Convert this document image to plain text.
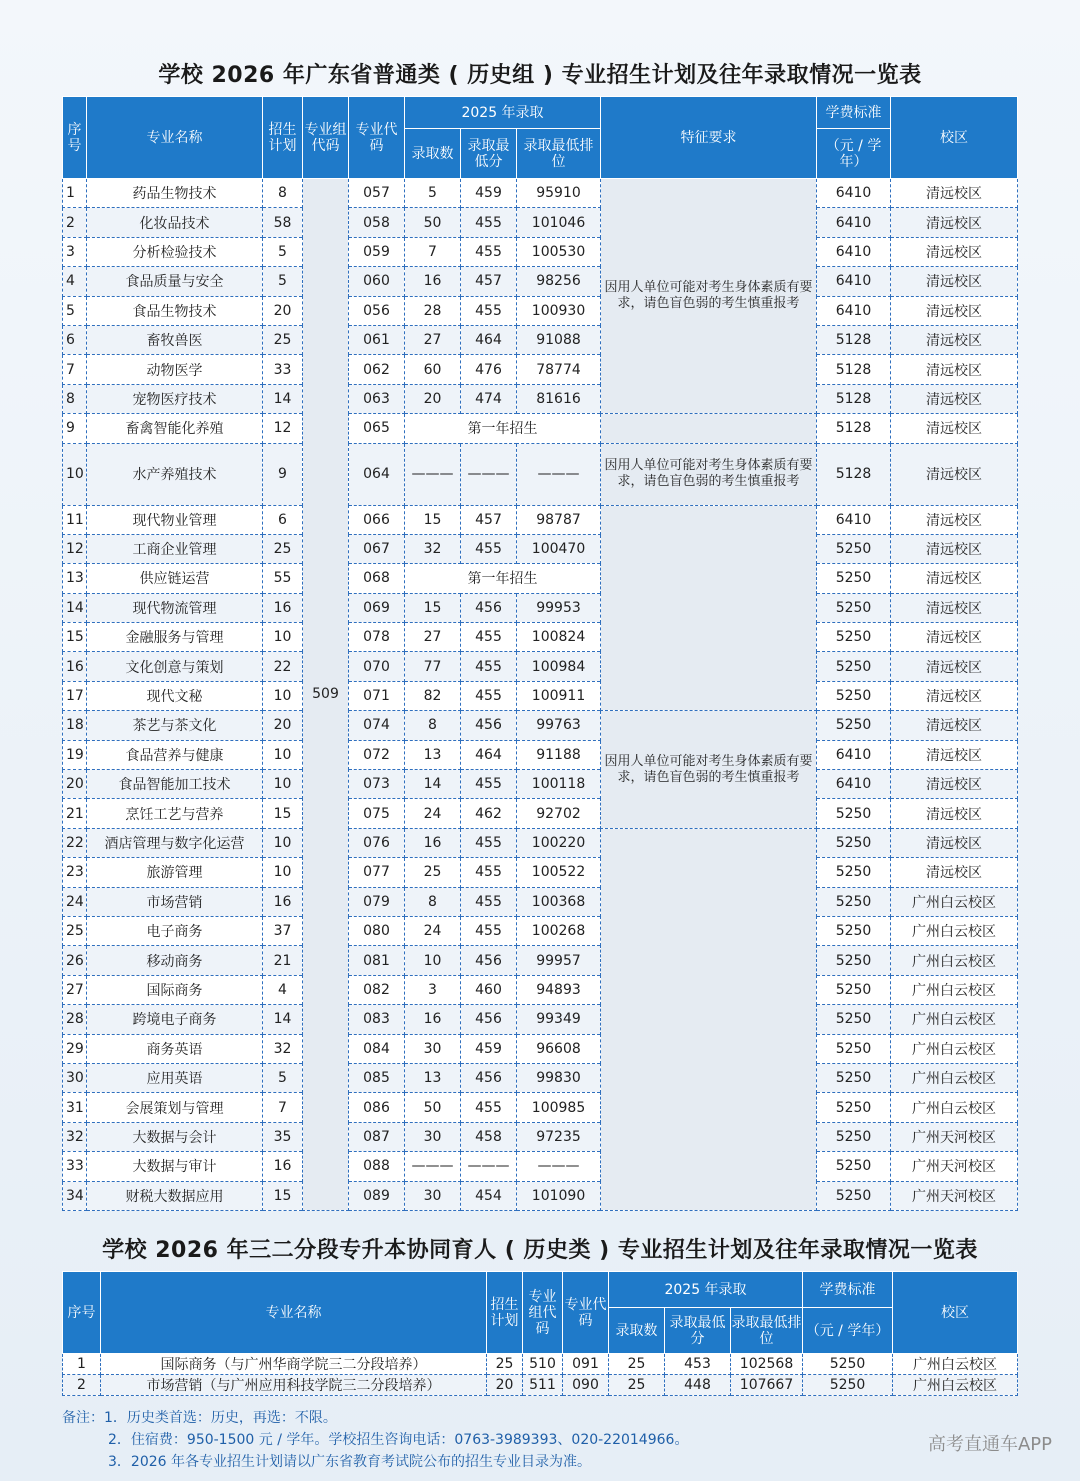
学校 2026 年广东省普通类 ( 历史组 ) 专业招生计划及往年录取情况一览表
序号	专业名称	招生计划	专业组代码	专业代码	2025 年录取			特征要求	学费标准	校区
					录取数	录取最低分	录取最低排位		（元 / 学年）	
1	药品生物技术	8	509	057	5	459	95910	因用人单位可能对考生身体素质有要求，请色盲色弱的考生慎重报考	6410	清远校区
2	化妆品技术	58		058	50	455	101046		6410	清远校区
3	分析检验技术	5		059	7	455	100530		6410	清远校区
4	食品质量与安全	5		060	16	457	98256		6410	清远校区
5	食品生物技术	20		056	28	455	100930		6410	清远校区
6	畜牧兽医	25		061	27	464	91088		5128	清远校区
7	动物医学	33		062	60	476	78774		5128	清远校区
8	宠物医疗技术	14		063	20	474	81616		5128	清远校区
9	畜禽智能化养殖	12		065	第一年招生				5128	清远校区
10	水产养殖技术	9		064	———	———	———	因用人单位可能对考生身体素质有要求，请色盲色弱的考生慎重报考	5128	清远校区
11	现代物业管理	6		066	15	457	98787		6410	清远校区
12	工商企业管理	25		067	32	455	100470		5250	清远校区
13	供应链运营	55		068	第一年招生				5250	清远校区
14	现代物流管理	16		069	15	456	99953		5250	清远校区
15	金融服务与管理	10		078	27	455	100824		5250	清远校区
16	文化创意与策划	22		070	77	455	100984		5250	清远校区
17	现代文秘	10		071	82	455	100911		5250	清远校区
18	茶艺与茶文化	20		074	8	456	99763	因用人单位可能对考生身体素质有要求，请色盲色弱的考生慎重报考	5250	清远校区
19	食品营养与健康	10		072	13	464	91188		6410	清远校区
20	食品智能加工技术	10		073	14	455	100118		6410	清远校区
21	烹饪工艺与营养	15		075	24	462	92702		5250	清远校区
22	酒店管理与数字化运营	10		076	16	455	100220		5250	清远校区
23	旅游管理	10		077	25	455	100522		5250	清远校区
24	市场营销	16		079	8	455	100368		5250	广州白云校区
25	电子商务	37		080	24	455	100268		5250	广州白云校区
26	移动商务	21		081	10	456	99957		5250	广州白云校区
27	国际商务	4		082	3	460	94893		5250	广州白云校区
28	跨境电子商务	14		083	16	456	99349		5250	广州白云校区
29	商务英语	32		084	30	459	96608		5250	广州白云校区
30	应用英语	5		085	13	456	99830		5250	广州白云校区
31	会展策划与管理	7		086	50	455	100985		5250	广州白云校区
32	大数据与会计	35		087	30	458	97235		5250	广州天河校区
33	大数据与审计	16		088	———	———	———		5250	广州天河校区
34	财税大数据应用	15		089	30	454	101090		5250	广州天河校区
学校 2026 年三二分段专升本协同育人 ( 历史类 ) 专业招生计划及往年录取情况一览表
序号	专业名称	招生计划	专业组代码	专业代码	2025 年录取			学费标准	校区
					录取数	录取最低分	录取最低排位	（元 / 学年）	
1	国际商务（与广州华商学院三二分段培养）	25	510	091	25	453	102568	5250	广州白云校区
2	市场营销（与广州应用科技学院三二分段培养）	20	511	090	25	448	107667	5250	广州白云校区
备注：1．历史类首选：历史，再选：不限。
2．住宿费：950-1500 元 / 学年。学校招生咨询电话：0763-3989393、020-22014966。
3．2026 年各专业招生计划请以广东省教育考试院公布的招生专业目录为准。
高考直通车APP
